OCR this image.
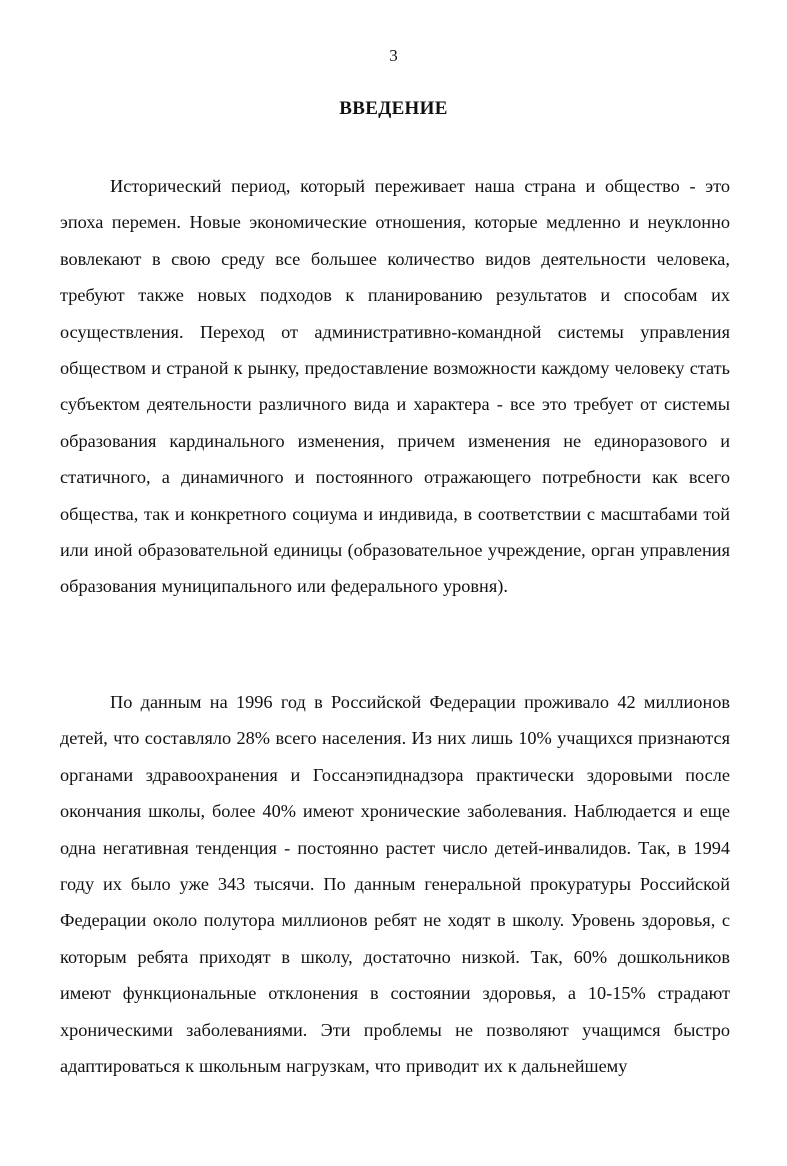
3
ВВЕДЕНИЕ

Исторический период, который переживает наша страна и общество - это эпоха перемен. Новые экономические отношения, которые медленно и неуклонно вовлекают в свою среду все большее количество видов деятельности человека, требуют также новых подходов к планированию результатов и способам их осуществления. Переход от административно-командной системы управления обществом и страной к рынку, предоставление возможности каждому человеку стать субъектом деятельности различного вида и характера - все это требует от системы образования кардинального изменения, причем изменения не единоразового и статичного, а динамичного и постоянного отражающего потребности как всего общества, так и конкретного социума и индивида, в соответствии с масштабами той или иной образовательной единицы (образовательное учреждение, орган управления образования муниципального или федерального уровня).

По данным на 1996 год в Российской Федерации проживало 42 миллионов детей, что составляло 28% всего населения. Из них лишь 10% учащихся признаются органами здравоохранения и Госсанэпиднадзора практически здоровыми после окончания школы, более 40% имеют хронические заболевания. Наблюдается и еще одна негативная тенденция - постоянно растет число детей-инвалидов. Так, в 1994 году их было уже 343 тысячи. По данным генеральной прокуратуры Российской Федерации около полутора миллионов ребят не ходят в школу. Уровень здоровья, с которым ребята приходят в школу, достаточно низкой. Так, 60% дошкольников имеют функциональные отклонения в состоянии здоровья, а 10-15% страдают хроническими заболеваниями. Эти проблемы не позволяют учащимся быстро адаптироваться к школьным нагрузкам, что приводит их к дальнейшему
